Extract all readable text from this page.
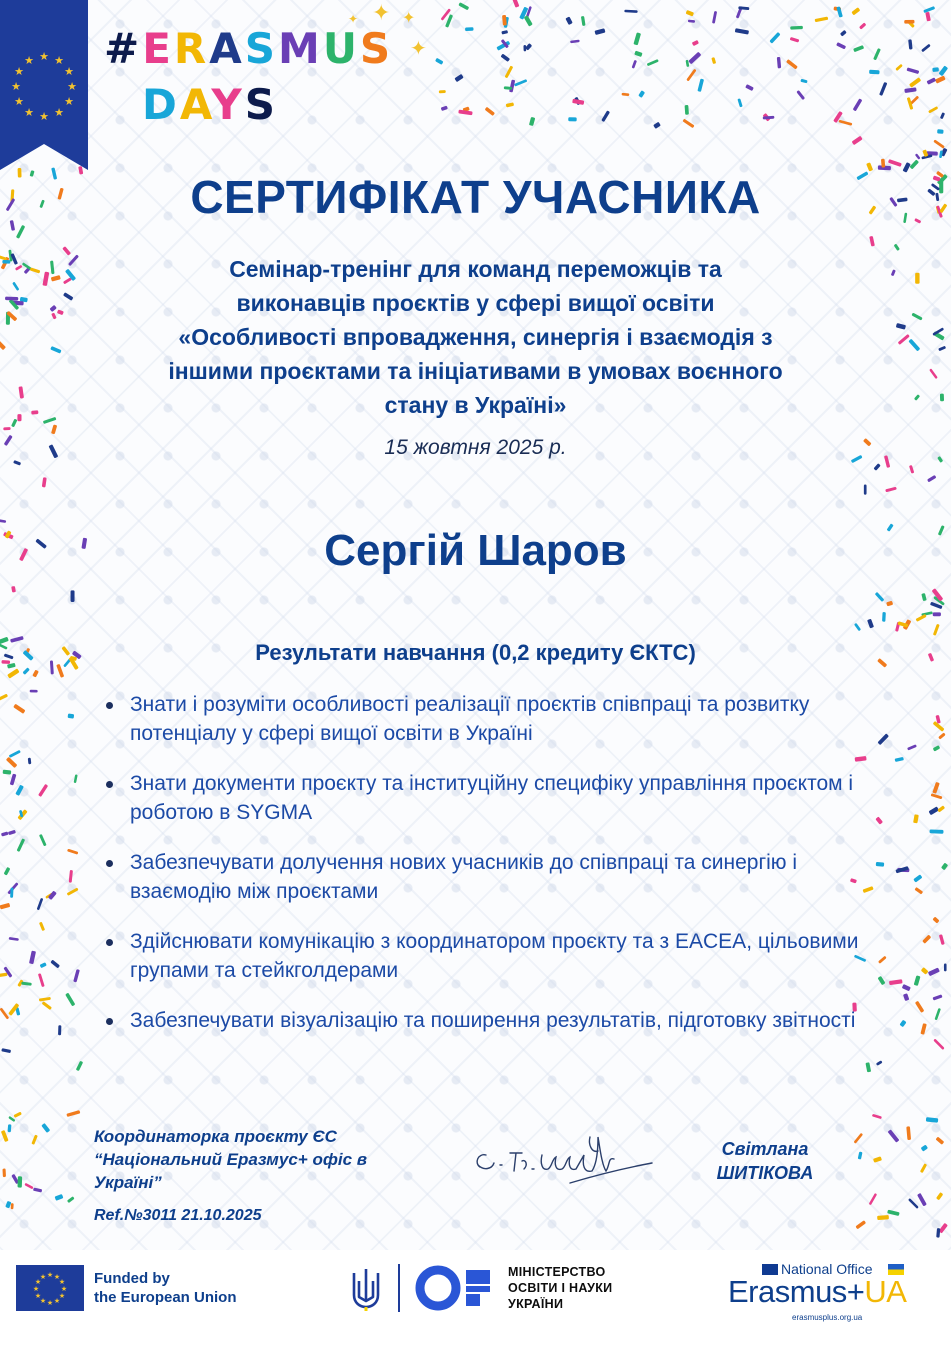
★ ★
★
★
★
★
★
★
★
★
★
★ #ERASMUS
DAYS
✦ ✦
✦
✦
СЕРТИФІКАТ УЧАСНИКА
Семінар-тренінг для команд переможців та
виконавців проєктів у сфері вищої освіти
«Особливості впровадження, синергія і взаємодія з
іншими проєктами та ініціативами в умовах воєнного
стану в Україні»
15 жовтня 2025 р.
Сергій Шаров
Результати навчання (0,2 кредиту ЄКТС)
Знати і розуміти особливості реалізації проєктів співпраці та розвитку потенціалу у сфері вищої освіти в Україні
Знати документи проєкту та інституційну специфіку управління проєктом і роботою в SYGMA
Забезпечувати долучення нових учасників до співпраці та синергію і взаємодію між проєктами
Здійснювати комунікацію з координатором проєкту та з EACEA, цільовими групами та стейкголдерами
Забезпечувати візуалізацію та поширення результатів, підготовку звітності
Координаторка проєкту ЄС
“Національний Еразмус+ офіс в
Україні”
Ref.№3011 21.10.2025
Світлана
ШИТІКОВА
★ ★
★
★
★
★
★
★
★
★
★
★	Funded by
the European Union
МІНІСТЕРСТВО
ОСВІТИ І НАУКИ
УКРАЇНИ
National Office
Erasmus+UA
erasmusplus.org.ua
